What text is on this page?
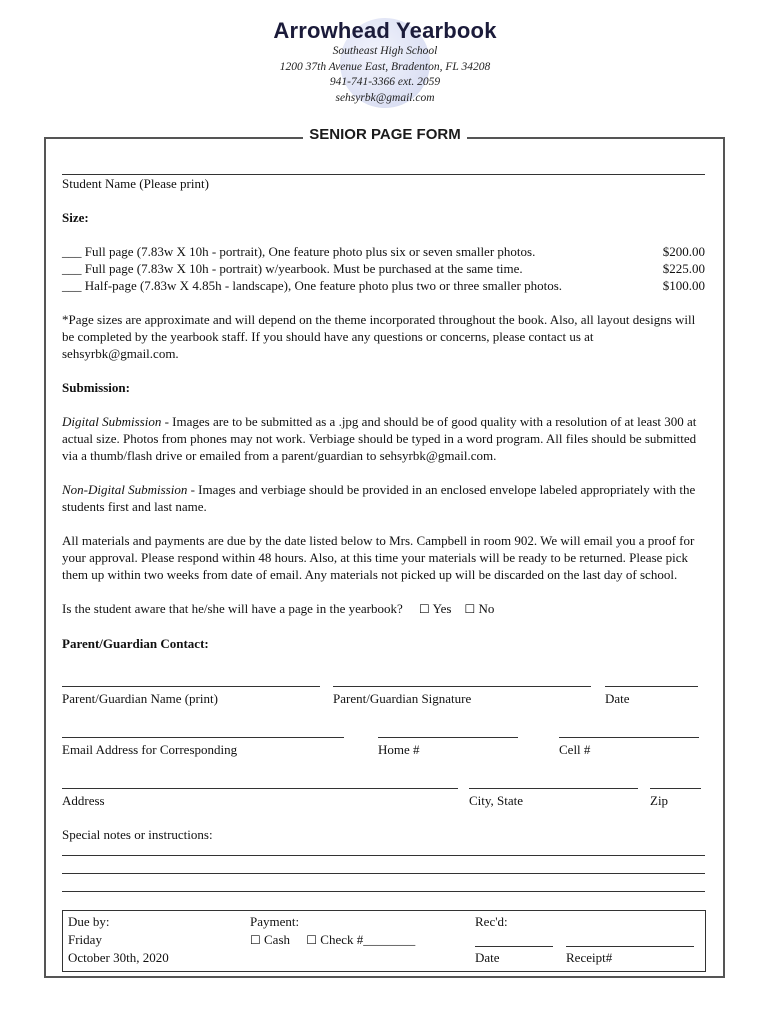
Arrowhead Yearbook
Southeast High School
1200 37th Avenue East, Bradenton, FL 34208
941-741-3366 ext. 2059
sehsyrbk@gmail.com
SENIOR PAGE FORM
Student Name (Please print)
Size:
___ Full page (7.83w X 10h - portrait), One feature photo plus six or seven smaller photos.	$200.00
___ Full page (7.83w X 10h - portrait) w/yearbook. Must be purchased at the same time.	$225.00
___ Half-page (7.83w X 4.85h - landscape), One feature photo plus two or three smaller photos.	$100.00
*Page sizes are approximate and will depend on the theme incorporated throughout the book. Also, all layout designs will be completed by the yearbook staff. If you should have any questions or concerns, please contact us at sehsyrbk@gmail.com.
Submission:
Digital Submission - Images are to be submitted as a .jpg and should be of good quality with a resolution of at least 300 at actual size. Photos from phones may not work. Verbiage should be typed in a word program. All files should be submitted via a thumb/flash drive or emailed from a parent/guardian to sehsyrbk@gmail.com.
Non-Digital Submission - Images and verbiage should be provided in an enclosed envelope labeled appropriately with the students first and last name.
All materials and payments are due by the date listed below to Mrs. Campbell in room 902. We will email you a proof for your approval. Please respond within 48 hours. Also, at this time your materials will be ready to be returned. Please pick them up within two weeks from date of email. Any materials not picked up will be discarded on the last day of school.
Is the student aware that he/she will have a page in the yearbook? ☐ Yes ☐ No
Parent/Guardian Contact:
Parent/Guardian Name (print)	Parent/Guardian Signature	Date
Email Address for Corresponding	Home #	Cell #
Address	City, State	Zip
Special notes or instructions:
Due by:
Friday
October 30th, 2020
Payment:
☐ Cash ☐ Check #________
Rec'd:
Date	Receipt#
